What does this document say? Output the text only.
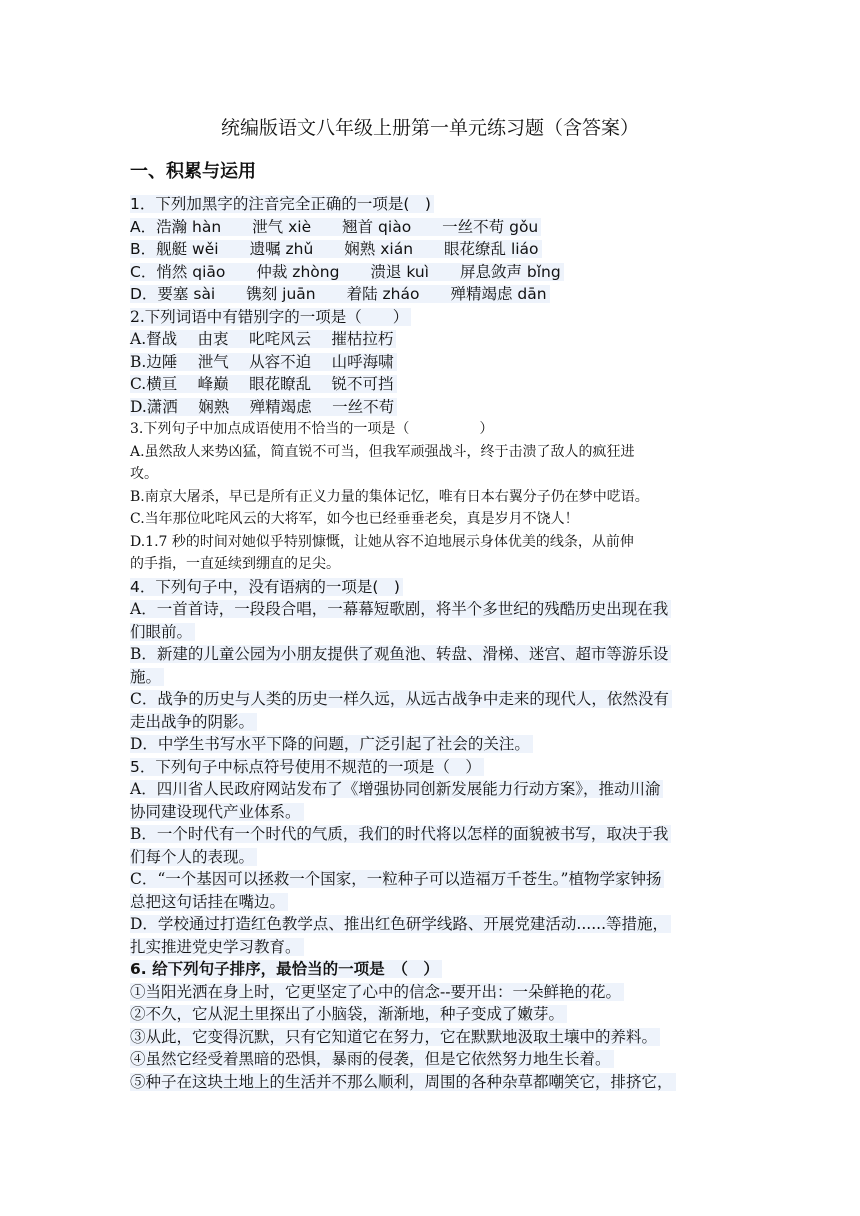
统编版语文八年级上册第一单元练习题（含答案）
一、积累与运用
1．下列加黑字的注音完全正确的一项是(　)
A．浩瀚 hàn　　泄气 xiè　　翘首 qiào　　一丝不苟 gǒu
B．舰艇 wěi　　遗嘱 zhǔ　　娴熟 xián　　眼花缭乱 liáo
C．悄然 qiāo　　仲裁 zhòng　　溃退 kuì　　屏息敛声 bǐng
D．要塞 sài　　镌刻 juān　　着陆 zháo　　殚精竭虑 dān
2.下列词语中有错别字的一项是（　　）
A.督战　 由衷　 叱咤风云　 摧枯拉朽
B.边陲　 泄气　 从容不迫　 山呼海啸
C.横亘　 峰巅　 眼花瞭乱　 锐不可挡
D.潇洒　 娴熟　 殚精竭虑　 一丝不苟
3.下列句子中加点成语使用不恰当的一项是（　　　　　）
A.虽然敌人来势凶猛，简直锐不可当，但我军顽强战斗，终于击溃了敌人的疯狂进
攻。
B.南京大屠杀，早已是所有正义力量的集体记忆，唯有日本右翼分子仍在梦中呓语。
C.当年那位叱咤风云的大将军，如今也已经垂垂老矣，真是岁月不饶人！
D.1.7 秒的时间对她似乎特别慷慨，让她从容不迫地展示身体优美的线条，从前伸
的手指，一直延续到绷直的足尖。
4．下列句子中，没有语病的一项是(　)
A．一首首诗，一段段合唱，一幕幕短歌剧，将半个多世纪的残酷历史出现在我
们眼前。
B．新建的儿童公园为小朋友提供了观鱼池、转盘、滑梯、迷宫、超市等游乐设
施。
C．战争的历史与人类的历史一样久远，从远古战争中走来的现代人，依然没有
走出战争的阴影。
D．中学生书写水平下降的问题，广泛引起了社会的关注。
5．下列句子中标点符号使用不规范的一项是（　）
A．四川省人民政府网站发布了《增强协同创新发展能力行动方案》，推动川渝
协同建设现代产业体系。
B．一个时代有一个时代的气质，我们的时代将以怎样的面貌被书写，取决于我
们每个人的表现。
C．“一个基因可以拯救一个国家，一粒种子可以造福万千苍生。”植物学家钟扬
总把这句话挂在嘴边。
D．学校通过打造红色教学点、推出红色研学线路、开展党建活动......等措施，
扎实推进党史学习教育。
6. 给下列句子排序，最恰当的一项是　（　）
①当阳光洒在身上时，它更坚定了心中的信念--要开出：一朵鲜艳的花。
②不久，它从泥土里探出了小脑袋，渐渐地，种子变成了嫩芽。
③从此，它变得沉默，只有它知道它在努力，它在默默地汲取土壤中的养料。
④虽然它经受着黑暗的恐惧，暴雨的侵袭，但是它依然努力地生长着。
⑤种子在这块土地上的生活并不那么顺利，周围的各种杂草都嘲笑它，排挤它，
